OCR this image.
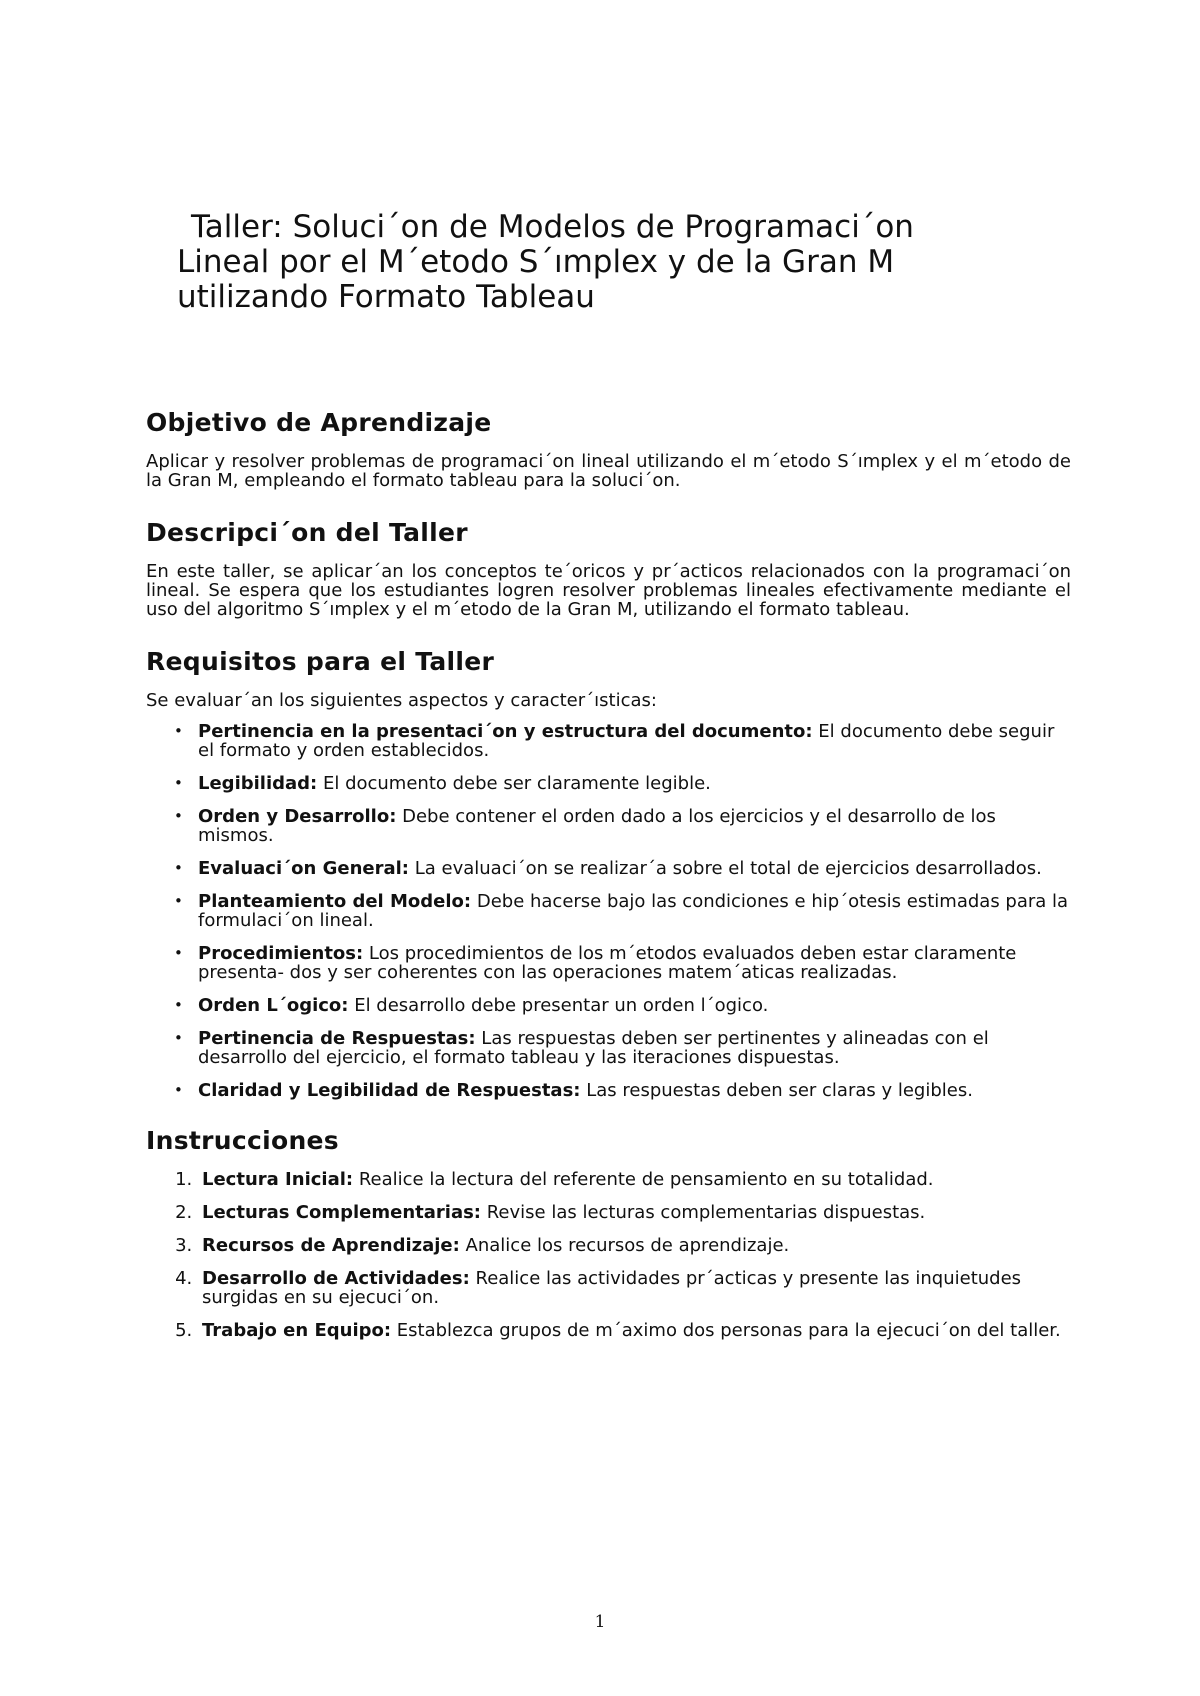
Taller: Soluci´on de Modelos de Programaci´on
Lineal por el M´etodo S´ımplex y de la Gran M
utilizando Formato Tableau
Objetivo de Aprendizaje

Aplicar y resolver problemas de programaci´on lineal utilizando el m´etodo S´ımplex y el m´etodo de la Gran M, empleando el formato tableau para la soluci´on.

Descripci´on del Taller

En este taller, se aplicar´an los conceptos te´oricos y pr´acticos relacionados con la programaci´on lineal. Se espera que los estudiantes logren resolver problemas lineales efectivamente mediante el uso del algoritmo S´ımplex y el m´etodo de la Gran M, utilizando el formato tableau.

Requisitos para el Taller

Se evaluar´an los siguientes aspectos y caracter´ısticas:

• Pertinencia en la presentaci´on y estructura del documento: El documento debe seguir el formato y orden establecidos.
• Legibilidad: El documento debe ser claramente legible.
• Orden y Desarrollo: Debe contener el orden dado a los ejercicios y el desarrollo de los mismos.
• Evaluaci´on General: La evaluaci´on se realizar´a sobre el total de ejercicios desarrollados.
• Planteamiento del Modelo: Debe hacerse bajo las condiciones e hip´otesis estimadas para la formulaci´on lineal.
• Procedimientos: Los procedimientos de los m´etodos evaluados deben estar claramente presenta- dos y ser coherentes con las operaciones matem´aticas realizadas.
• Orden L´ogico: El desarrollo debe presentar un orden l´ogico.
• Pertinencia de Respuestas: Las respuestas deben ser pertinentes y alineadas con el desarrollo del ejercicio, el formato tableau y las iteraciones dispuestas.
• Claridad y Legibilidad de Respuestas: Las respuestas deben ser claras y legibles.
Instrucciones
1. Lectura Inicial: Realice la lectura del referente de pensamiento en su totalidad.
2. Lecturas Complementarias: Revise las lecturas complementarias dispuestas.
3. Recursos de Aprendizaje: Analice los recursos de aprendizaje.
4. Desarrollo de Actividades: Realice las actividades pr´acticas y presente las inquietudes surgidas en su ejecuci´on.
5. Trabajo en Equipo: Establezca grupos de m´aximo dos personas para la ejecuci´on del taller.
1
